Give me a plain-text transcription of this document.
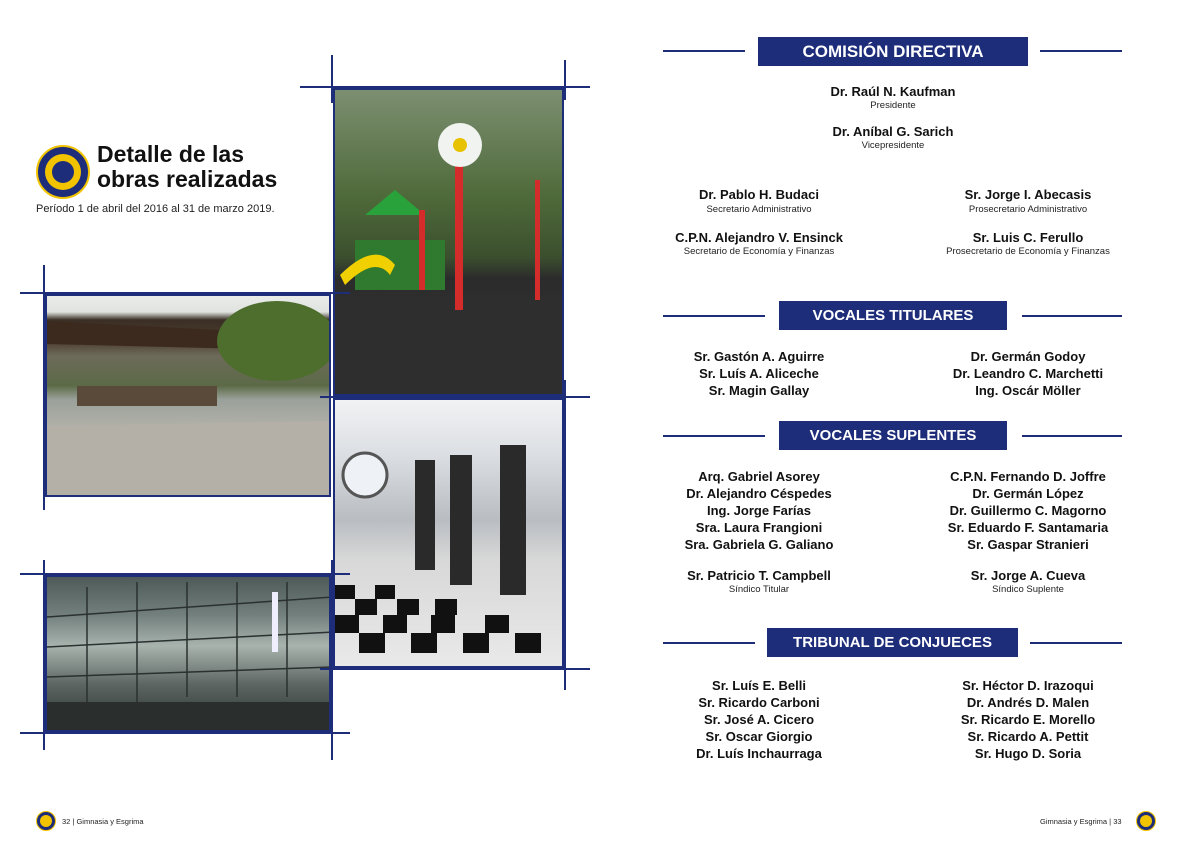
Detalle de las
obras realizadas
Período 1 de abril del 2016 al 31 de marzo 2019.
32 | Gimnasia y Esgrima
COMISIÓN DIRECTIVA
Dr. Raúl N. Kaufman
Presidente
Dr. Aníbal G. Sarich
Vicepresidente
Dr. Pablo H. Budaci
Secretario Administrativo
C.P.N. Alejandro V. Ensinck
Secretario de Economía y Finanzas
Sr. Jorge I. Abecasis
Prosecretario Administrativo
Sr. Luis C. Ferullo
Prosecretario de Economía y Finanzas
VOCALES TITULARES
Sr. Gastón A. Aguirre
Sr. Luís A. Aliceche
Sr. Magin Gallay
Dr. Germán Godoy
Dr. Leandro C. Marchetti
Ing. Oscár Möller
VOCALES SUPLENTES
Arq. Gabriel Asorey
Dr. Alejandro Céspedes
Ing. Jorge Farías
Sra. Laura Frangioni
Sra. Gabriela G. Galiano
C.P.N. Fernando D. Joffre
Dr. Germán López
Dr. Guillermo C. Magorno
Sr. Eduardo F. Santamaria
Sr. Gaspar Stranieri
Sr. Patricio T. Campbell
Síndico Titular
Sr. Jorge A. Cueva
Síndico Suplente
TRIBUNAL DE CONJUECES
Sr. Luís E. Belli
Sr. Ricardo Carboni
Sr. José A. Cicero
Sr. Oscar Giorgio
Dr. Luís Inchaurraga
Sr. Héctor D. Irazoqui
Dr. Andrés D. Malen
Sr. Ricardo E. Morello
Sr. Ricardo A. Pettit
Sr. Hugo D. Soria
Gimnasia y Esgrima | 33
